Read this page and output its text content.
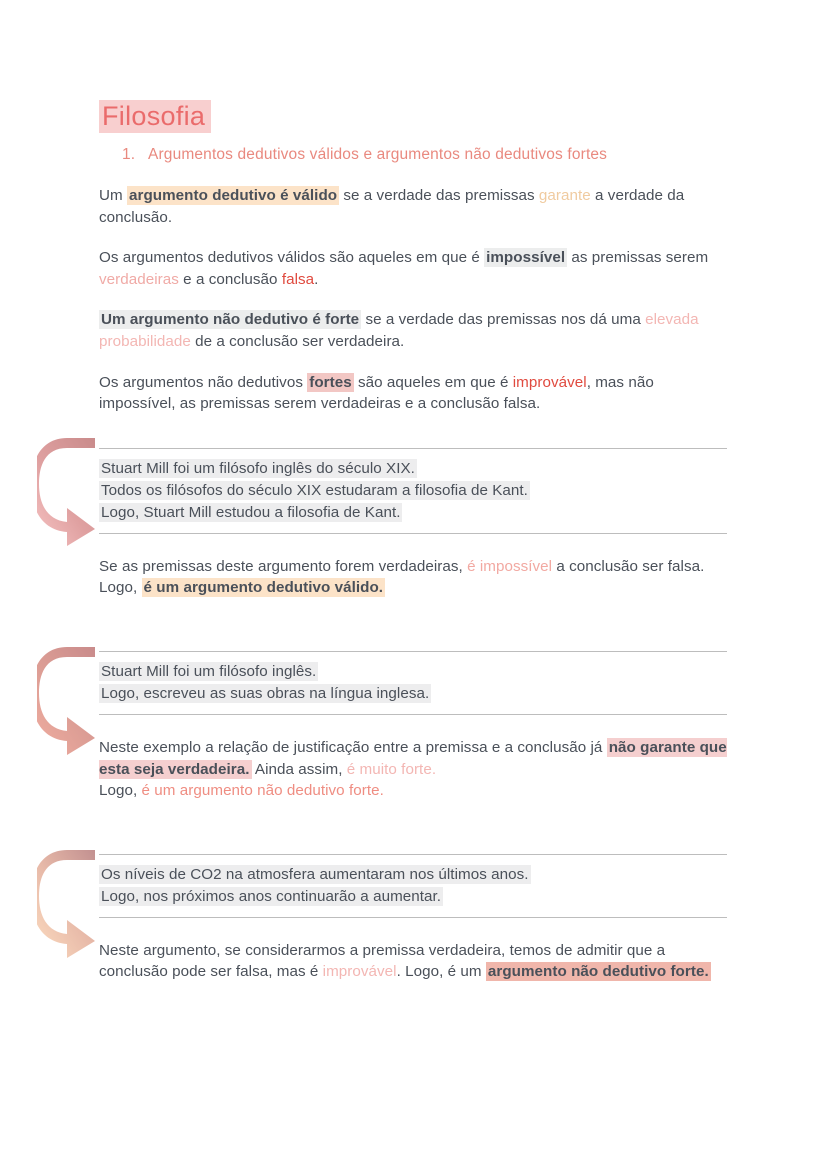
Filosofia
1. Argumentos dedutivos válidos e argumentos não dedutivos fortes

Um argumento dedutivo é válido se a verdade das premissas garante a verdade da conclusão.

Os argumentos dedutivos válidos são aqueles em que é impossível as premissas serem verdadeiras e a conclusão falsa.

Um argumento não dedutivo é forte se a verdade das premissas nos dá uma elevada probabilidade de a conclusão ser verdadeira.

Os argumentos não dedutivos fortes são aqueles em que é improvável, mas não impossível, as premissas serem verdadeiras e a conclusão falsa.

Stuart Mill foi um filósofo inglês do século XIX.
Todos os filósofos do século XIX estudaram a filosofia de Kant.
Logo, Stuart Mill estudou a filosofia de Kant.

Se as premissas deste argumento forem verdadeiras, é impossível a conclusão ser falsa. Logo, é um argumento dedutivo válido.

Stuart Mill foi um filósofo inglês.
Logo, escreveu as suas obras na língua inglesa.

Neste exemplo a relação de justificação entre a premissa e a conclusão já não garante que esta seja verdadeira. Ainda assim, é muito forte.
Logo, é um argumento não dedutivo forte.

Os níveis de CO2 na atmosfera aumentaram nos últimos anos.
Logo, nos próximos anos continuarão a aumentar.

Neste argumento, se considerarmos a premissa verdadeira, temos de admitir que a conclusão pode ser falsa, mas é improvável. Logo, é um argumento não dedutivo forte.
